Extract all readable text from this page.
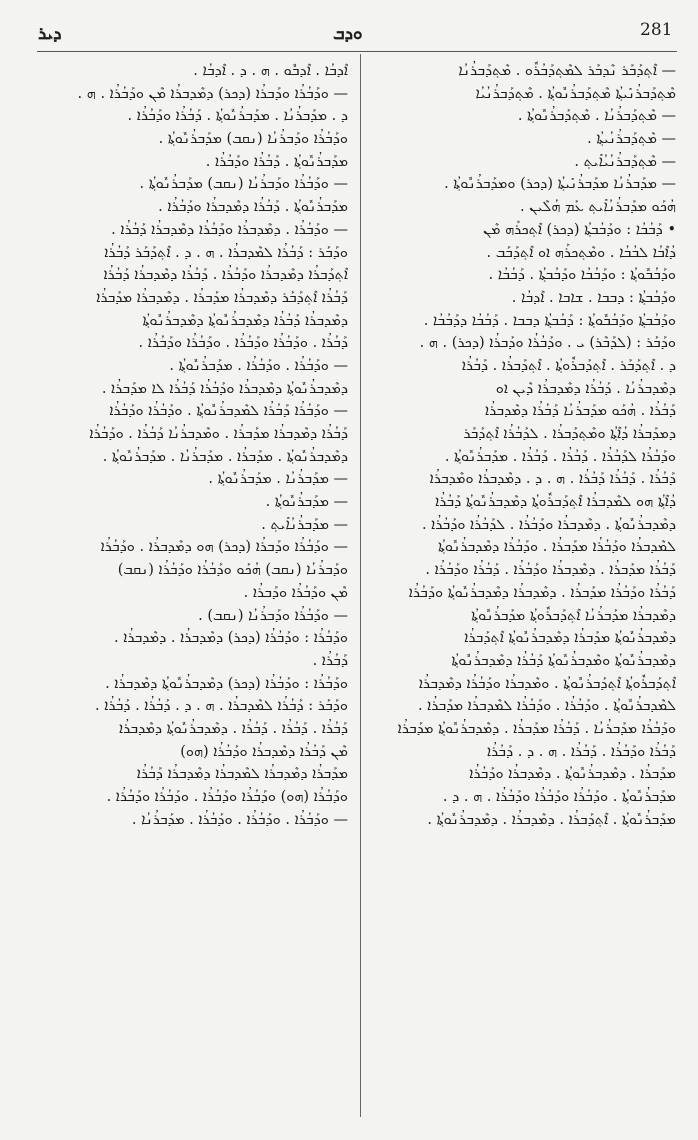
ܕܝܪ	ܘܕܒ	281
— ܐܶܬ݂ܕܰܒܰܪ ܢܶܕܒܰܪ ܠܡܶܬ݂ܕܰܒܳܪܽܘ . ܡܶܬ݂ܕܰܒܪܳܢܳܐ
ܡܶܬ݂ܕܰܒܪܳܢܺܝܬ݂ܳܐ ܡܶܬ݂ܕܰܒܪܳܢܽܘܬ݂ܳܐ . ܡܶܬ݂ܕܰܒܪܳܢܳܝܳܐ
— ܡܶܬ݂ܕܰܒܪܳܢܳܐ . ܡܶܬ݂ܕܰܒܪܳܢܽܘܬ݂ܳܐ .
— ܡܶܬ݂ܕܰܒܪܳܢܳܝܬ݂ܳܐ .
— ܡܶܬ݂ܕܰܒܪܳܢܳܝܳܐܺܝܬ݂ .
— ܡܕܰܒܪܳܢܳܐ ܡܕܰܒܪܳܢܺܝܬ݂ܳܐ (ܕܟܪ) ܘܡܕܰܒܪܳܢܽܘܬ݂ܳܐ .
ܗܳܟܰܘ ܡܕܰܒܪܳܢܳܐܺܝܬ݂ ܥܰܡ ܗܳܠܶܝܢ .
• ܕܰܒܳܒܳܐ : ܘܕܰܒܳܒܬ݂ܳܐ (ܕܟܪ) ܐܶܬ݂ܟܪܰܗ ܡܶܢ
ܕܳܐܶܒܳܐ ܠܒܳܒܳܐ . ܘܡܶܬ݂ܟܪܰܗ ܐܘ ܐܶܬ݂ܕܰܒܰܒ .
ܘܕܰܒܳܒܽܘܬ݂ܳܐ : ܘܕܰܒܳܒܳܐ ܘܕܰܒܳܒܬ݂ܳܐ . ܕܰܒܳܒܳܐ .
ܘܕܰܒܳܒܬ݂ܳܐ : ܕܒܒܐ . ܫܐܒܐ . ܐܶܕܒܳܐ .
ܘܕܰܒܳܒܬ݂ܳܐ ܘܕܰܒܳܒܽܘܬ݂ܳܐ : ܕܰܒܳܒܬ݂ܳܐ ܕܒܒܐ . ܕܰܒܳܒܳܐ ܕܕܰܒܳܒܳܐ .
ܘܕܰܒܰܪ : (ܠܕܰܒܶܪ) ܝ . ܘܕܰܒܳܪܳܐ ܘܕܰܒܪܳܐ (ܕܟܪ) . ܗ .
ܕ . ܐܶܬ݂ܕܰܒܰܪ . ܐܶܬ݂ܕܰܒܪܽܘܬ݂ܳܐ . ܐܶܬ݂ܕܰܒܪܳܐ . ܕܰܒܳܪܳܐ
ܕܡܶܕܒܪܳܢܳܐ . ܕܰܒܳܪܳܐ ܕܡܶܕܒܪܳܐ ܕܶܝܢ ܐܘ
ܕܰܒܳܪܳܐ . ܗܳܟܰܘ ܡܕܰܒܪܳܢܳܐ ܕܰܒܳܪܳܐ ܕܡܶܕܒܪܳܐ
ܕܡܕܰܒܪܳܐ ܕܳܐܶܬ݂ܳܐ ܘܡܶܬ݂ܕܰܒܪܳܐ . ܠܕܰܒܳܪܳܐ ܐܶܬ݂ܕܰܒܰܪ
ܘܕܰܒܳܪܳܐ ܠܕܰܒܳܪܳܐ . ܕܰܒܳܪܳܐ . ܕܰܒܳܪܳܐ . ܡܕܰܒܪܳܢܽܘܬ݂ܳܐ .
ܕܰܒܳܪܳܐ . ܕܰܒܳܪܳܐ ܕܰܒܳܪܳܐ . ܗ . ܕ . ܕܡܶܕܒܪܳܐ ܘܡܶܕܒܪܳܐ
ܕܳܐܶܬ݂ܳܐ ܗܘ ܠܡܶܕܒܪܳܐ ܐܶܬ݂ܕܰܒܪܽܘܬ݂ܳܐ ܕܡܶܕܒܪܳܢܽܘܬ݂ܳܐ ܕܰܒܳܪܳܐ
ܕܡܶܕܒܪܳܢܽܘܬ݂ܳܐ . ܕܡܶܕܒܪܳܐ ܘܕܰܒܳܪܳܐ . ܠܕܰܒܳܪܳܐ ܘܕܰܒܳܪܳܐ .
ܠܡܶܕܒܪܳܐ ܘܕܰܒܳܪܳܐ ܡܕܰܒܪܳܐ . ܘܕܰܒܳܪܳܐ ܕܡܶܕܒܪܳܢܽܘܬ݂ܳܐ
ܕܰܒܳܪܳܐ ܡܕܰܒܪܳܐ . ܕܡܶܕܒܪܳܐ ܘܕܰܒܳܪܳܐ . ܕܰܒܳܪܳܐ ܘܕܰܒܳܪܳܐ .
ܕܰܒܳܪܳܐ ܘܕܰܒܳܪܳܐ ܡܕܰܒܪܳܐ . ܕܡܶܕܒܪܳܐ ܕܡܶܕܒܪܳܢܽܘܬ݂ܳܐ ܘܕܰܒܳܪܳܐ
ܕܡܶܕܒܪܳܐ ܡܕܰܒܪܳܢܳܐ ܐܶܬ݂ܕܰܒܪܽܘܬ݂ܳܐ ܡܕܰܒܪܳܢܽܘܬ݂ܳܐ
ܕܡܶܕܒܪܳܢܽܘܬ݂ܳܐ ܡܕܰܒܪܳܐ ܕܡܶܕܒܪܳܢܽܘܬ݂ܳܐ ܐܶܬ݂ܕܰܒܪܳܐ
ܕܡܶܕܒܪܳܢܽܘܬ݂ܳܐ ܘܡܶܕܒܪܳܢܽܘܬ݂ܳܐ ܕܰܒܳܪܳܐ ܕܡܶܕܒܪܳܢܽܘܬ݂ܳܐ
ܐܶܬ݂ܕܰܒܪܽܘܬ݂ܳܐ ܐܶܬ݂ܕܰܒܪܳܢܽܘܬ݂ܳܐ . ܘܡܶܕܒܪܳܐ ܘܕܰܒܳܪܳܐ ܕܡܶܕܒܪܳܐ
ܠܡܶܕܒܪܳܢܽܘܬ݂ܳܐ . ܘܕܰܒܳܪܳܐ . ܘܕܰܒܳܪܳܐ ܠܡܶܕܒܪܳܐ ܡܕܰܒܪܳܐ .
ܘܕܰܒܳܪܳܐ ܡܕܰܒܪܳܢܳܐ . ܕܰܒܳܪܳܐ ܡܕܰܒܪܳܐ . ܕܡܶܕܒܪܳܢܽܘܬ݂ܳܐ ܡܕܰܒܪܳܐ
ܕܰܒܳܪܳܐ ܘܕܰܒܳܪܳܐ . ܕܰܒܳܪܳܐ . ܗ . ܕ . ܕܰܒܳܪܳܐ
ܡܕܰܒܪܳܐ . ܕܡܶܕܒܪܳܢܽܘܬ݂ܳܐ . ܕܡܶܕܒܪܳܐ ܘܕܰܒܳܪܳܐ
ܡܕܰܒܪܳܢܽܘܬ݂ܳܐ . ܘܕܰܒܳܪܳܐ ܘܕܰܒܳܪܳܐ ܘܕܰܒܳܪܳܐ . ܗ . ܕ .
ܡܕܰܒܪܳܢܽܘܬ݂ܳܐ . ܐܶܬ݂ܕܰܒܪܳܐ . ܕܡܶܕܒܪܳܐ . ܕܡܶܕܒܪܳܢܽܘܬ݂ܳܐ .
ܐܶܕܒܳܐ . ܐܶܕܒܽܘ . ܗ . ܕ . ܐܶܕܒܳܐ .
— ܘܕܰܒܳܪܳܐ ܘܕܰܒܪܳܐ (ܕܟܪ) ܕܡܶܕܒܪܳܐ ܡܶܢ ܘܕܰܒܳܪܳܐ . ܗ .
ܕ . ܡܕܰܒܪܳܢܳܐ . ܡܕܰܒܪܳܢܽܘܬ݂ܳܐ . ܕܰܒܳܪܳܐ ܘܕܰܒܳܪܳܐ .
ܘܕܰܒܳܪܳܐ ܘܕܰܒܪܳܢܳܐ (ܢܩܒ) ܡܕܰܒܪܳܢܽܘܬ݂ܳܐ .
ܡܕܰܒܪܳܢܽܘܬ݂ܳܐ . ܕܰܒܳܪܳܐ ܘܕܰܒܳܪܳܐ .
— ܘܕܰܒܳܪܳܐ ܘܕܰܒܪܳܢܳܐ (ܢܩܒ) ܡܕܰܒܪܳܢܽܘܬ݂ܳܐ .
ܡܕܰܒܪܳܢܽܘܬ݂ܳܐ . ܕܰܒܳܪܳܐ ܕܡܶܕܒܪܳܐ ܘܕܰܒܳܪܳܐ .
— ܘܕܰܒܳܪܳܐ . ܕܡܶܕܒܪܳܐ ܘܕܰܒܳܪܳܐ ܕܡܶܕܒܪܳܐ ܕܰܒܳܪܳܐ .
ܘܕܰܒܰܪ : ܕܰܒܳܪܳܐ ܠܡܶܕܒܪܳܐ . ܗ . ܕ . ܐܶܬ݂ܕܰܒܰܪ ܕܰܒܳܪܳܐ
ܐܶܬ݂ܕܰܒܪܳܐ ܕܡܶܕܒܪܳܐ ܘܕܰܒܳܪܳܐ . ܕܰܒܳܪܳܐ ܕܡܶܕܒܪܳܐ ܕܰܒܳܪܳܐ
ܕܰܒܳܪܳܐ ܐܶܬ݂ܕܰܒܰܪ ܕܡܶܕܒܪܳܐ ܡܕܰܒܪܳܐ . ܕܡܶܕܒܪܳܐ ܡܕܰܒܪܳܐ
ܕܡܶܕܒܪܳܐ ܕܰܒܳܪܳܐ ܕܡܶܕܒܪܳܢܽܘܬ݂ܳܐ ܕܡܶܕܒܪܳܢܽܘܬ݂ܳܐ
ܕܰܒܳܪܳܐ . ܘܕܰܒܳܪܳܐ ܘܕܰܒܳܪܳܐ . ܘܕܰܒܳܪܳܐ ܘܕܰܒܳܪܳܐ .
— ܘܕܰܒܳܪܳܐ . ܘܕܰܒܳܪܳܐ . ܡܕܰܒܪܳܢܽܘܬ݂ܳܐ .
ܕܡܶܕܒܪܳܢܽܘܬ݂ܳܐ ܕܡܶܕܒܪܳܐ ܘܕܰܒܳܪܳܐ ܕܰܒܳܪܳܐ ܠܐ ܡܕܰܒܪܳܐ .
— ܘܕܰܒܳܪܳܐ ܕܰܒܳܪܳܐ ܠܡܶܕܒܪܳܢܽܘܬ݂ܳܐ . ܘܕܰܒܳܪܳܐ ܘܕܰܒܳܪܳܐ
ܕܰܒܳܪܳܐ ܕܡܶܕܒܪܳܐ ܡܕܰܒܪܳܐ . ܘܡܶܕܒܪܳܢܳܐ ܕܰܒܳܪܳܐ . ܘܕܰܒܳܪܳܐ
ܕܡܶܕܒܪܳܢܽܘܬ݂ܳܐ . ܡܕܰܒܪܳܐ . ܡܕܰܒܪܳܢܳܐ . ܡܕܰܒܪܳܢܽܘܬ݂ܳܐ .
— ܡܕܰܒܪܳܢܳܐ . ܡܕܰܒܪܳܢܽܘܬ݂ܳܐ .
— ܡܕܰܒܪܳܢܽܘܬ݂ܳܐ .
— ܡܕܰܒܪܳܢܳܐܺܝܬ݂ .
— ܘܕܰܒܳܪܳܐ ܘܕܰܒܪܳܐ (ܕܟܪ) ܗܘ ܕܡܶܕܒܪܳܐ . ܘܕܰܒܳܪܳܐ
ܘܕܰܒܪܳܢܳܐ (ܢܩܒ) ܗܳܟܰܘ ܘܕܰܒܳܪܳܐ ܘܕܰܒܳܪܳܐ (ܢܩܒ)
ܡܶܢ ܘܕܰܒܳܪܳܐ ܘܕܰܒܪܳܐ .
— ܘܕܰܒܳܪܳܐ ܘܕܰܒܪܳܢܳܐ (ܢܩܒ) .
ܘܕܰܒܳܪܳܐ : ܘܕܰܒܳܪܳܐ (ܕܟܪ) ܕܡܶܕܒܪܳܐ . ܕܡܶܕܒܪܳܐ .
ܕܰܒܳܪܳܐ .
ܘܕܰܒܳܪܳܐ : ܘܕܰܒܳܪܳܐ (ܕܟܪ) ܕܡܶܕܒܪܳܢܽܘܬ݂ܳܐ ܕܡܶܕܒܪܳܐ .
ܘܕܰܒܰܪ : ܕܰܒܳܪܳܐ ܠܡܶܕܒܪܳܐ . ܗ . ܕ . ܕܰܒܳܪܳܐ . ܕܰܒܳܪܳܐ .
ܕܰܒܳܪܳܐ . ܕܰܒܳܪܳܐ . ܕܰܒܳܪܳܐ . ܕܡܶܕܒܪܳܢܽܘܬ݂ܳܐ ܕܡܶܕܒܪܳܐ
ܡܶܢ ܕܰܒܳܪܳܐ ܕܡܶܕܒܪܳܐ ܘܕܰܒܳܪܳܐ (ܗܘ)
ܡܕܰܒܪܳܐ ܕܡܶܕܒܪܳܐ ܠܡܶܕܒܪܳܐ ܕܡܶܕܒܪܳܐ ܕܰܒܳܪܳܐ
ܘܕܰܒܳܪܳܐ (ܗܘ) ܘܕܰܒܳܪܳܐ ܘܕܰܒܳܪܳܐ . ܘܕܰܒܳܪܳܐ ܘܕܰܒܳܪܳܐ .
— ܘܕܰܒܳܪܳܐ . ܘܕܰܒܳܪܳܐ . ܘܕܰܒܳܪܳܐ . ܡܕܰܒܪܳܢܳܐ .
